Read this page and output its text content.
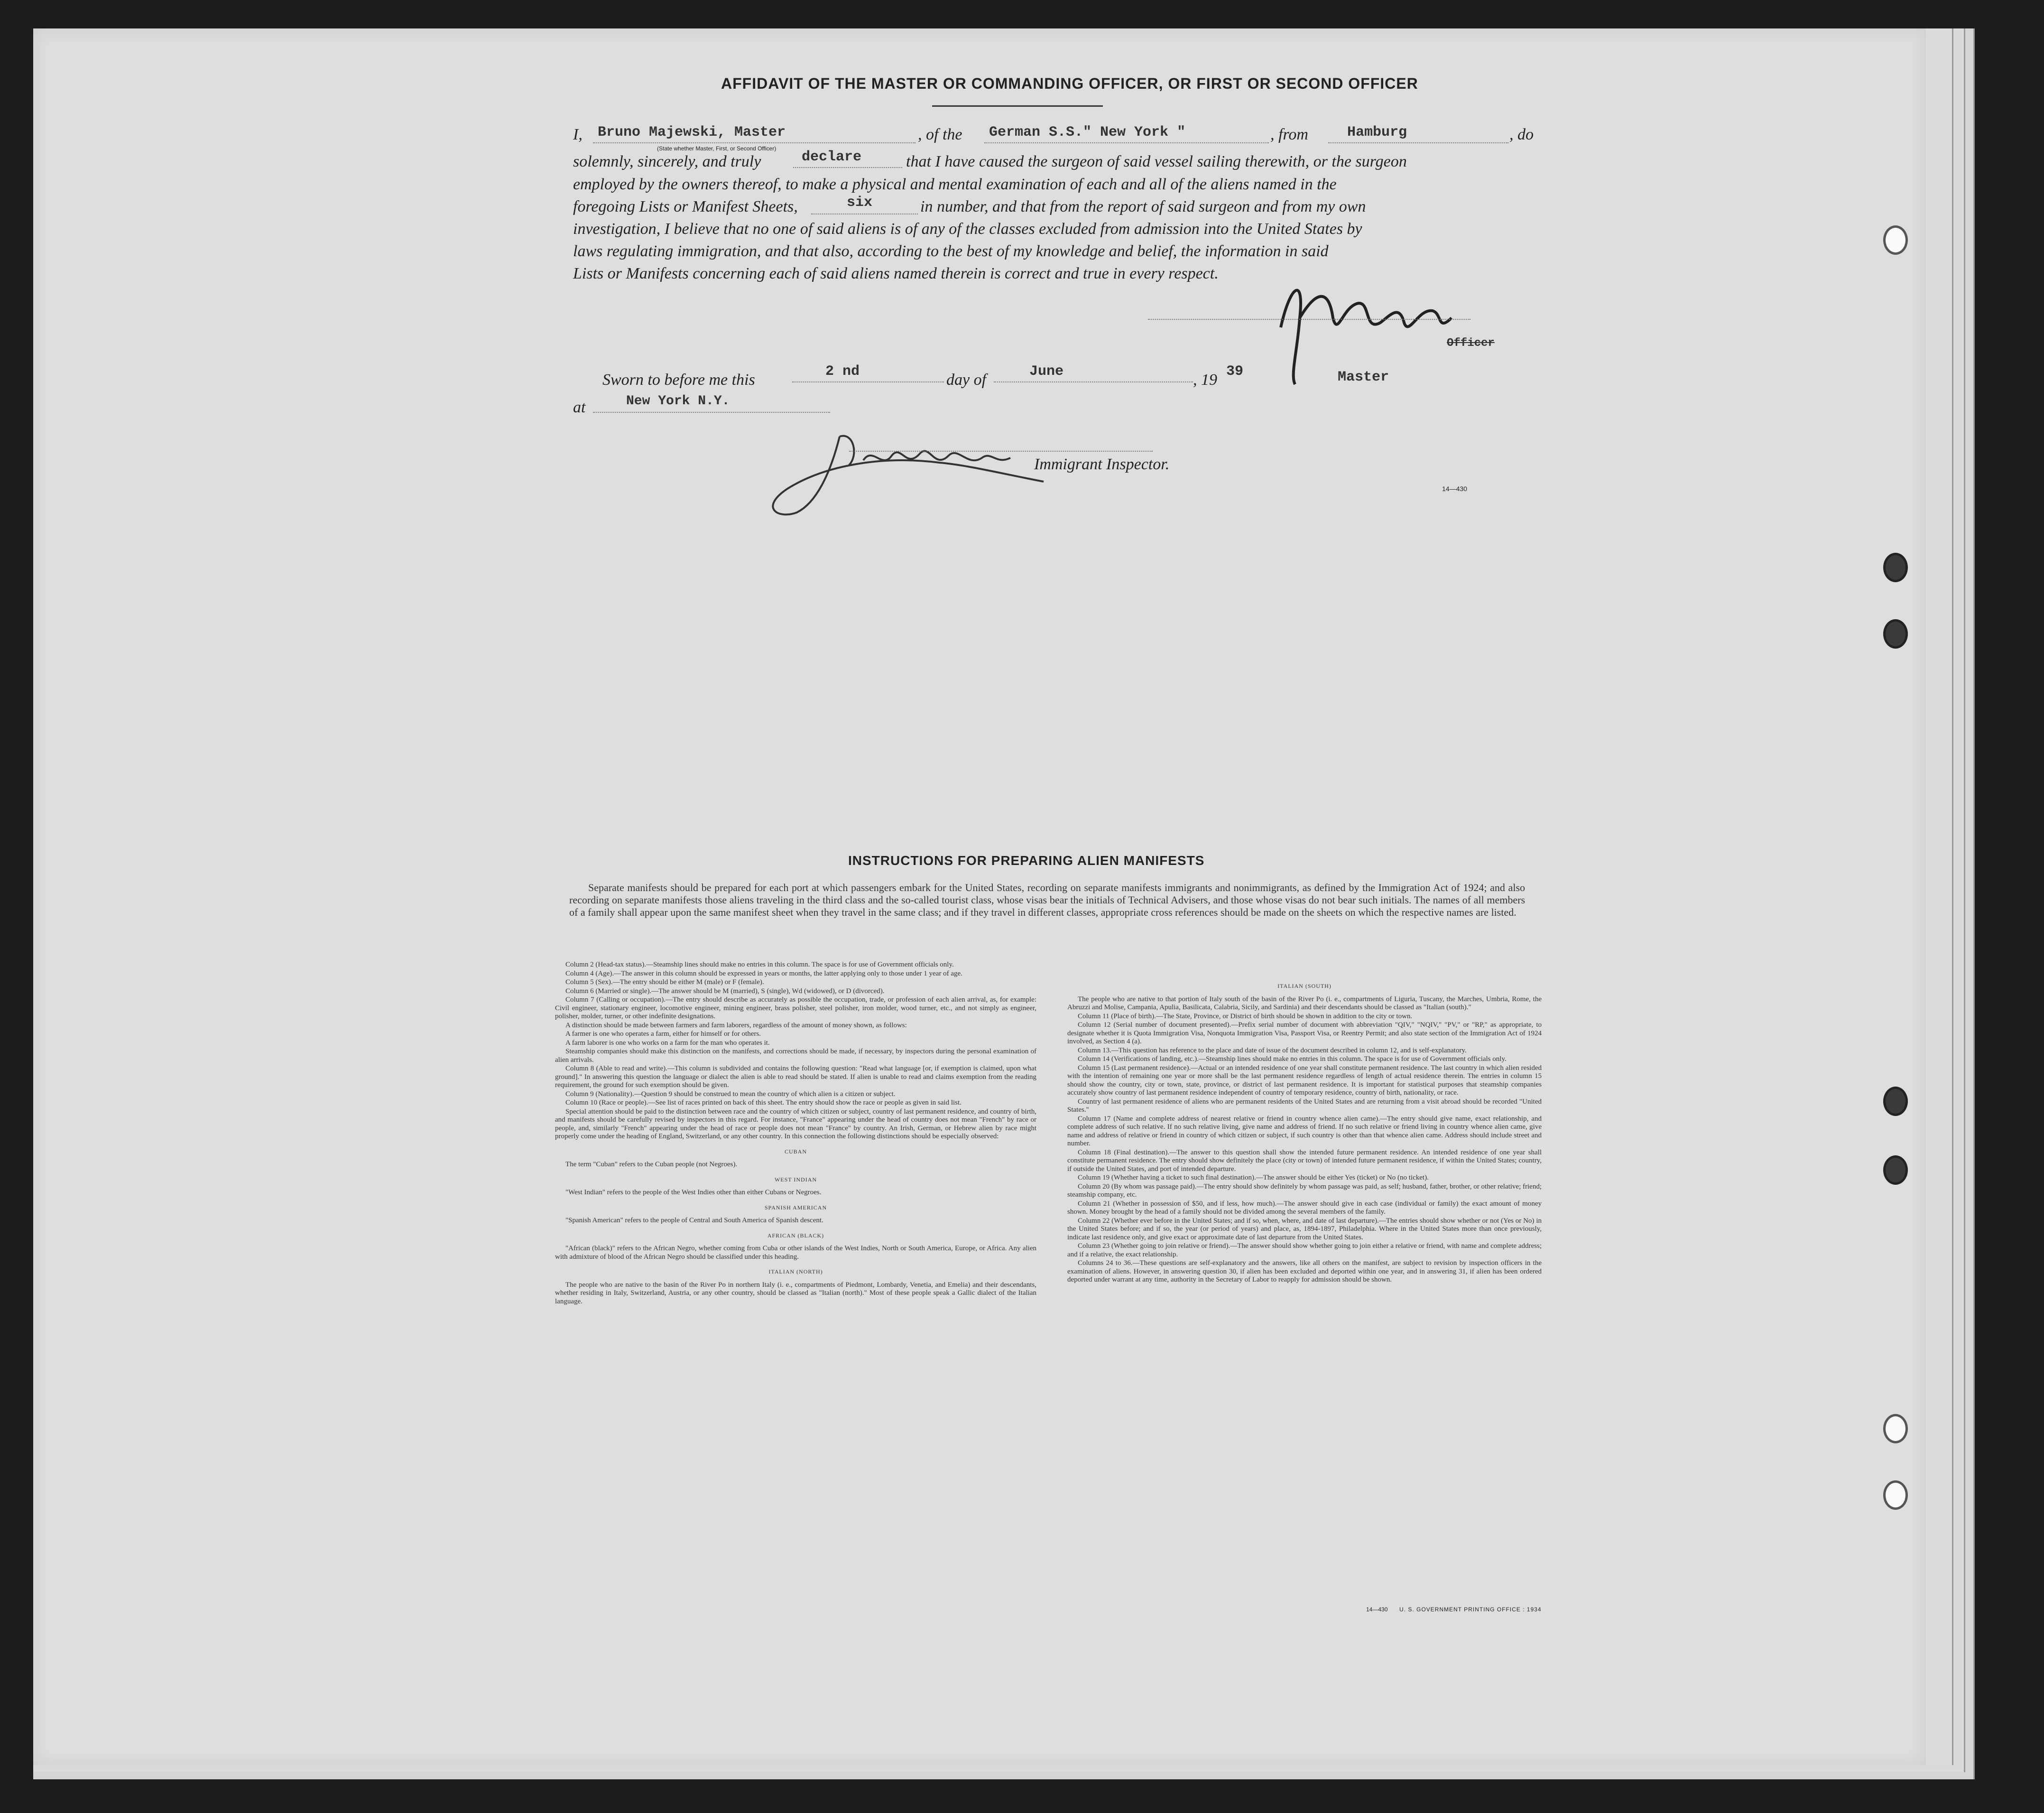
AFFIDAVIT OF THE MASTER OR COMMANDING OFFICER, OR FIRST OR SECOND OFFICER
I, Bruno Majewski, Master
(State whether Master, First, or Second Officer)
, of the German S.S." New York "	, from	Hamburg	, do
solemnly, sincerely, and truly	declare	that I have caused the surgeon of said vessel sailing therewith, or the surgeon
employed by the owners thereof, to make a physical and mental examination of each and all of the aliens named in the
foregoing Lists or Manifest Sheets,	six	in number, and that from the report of said surgeon and from my own
investigation, I believe that no one of said aliens is of any of the classes excluded from admission into the United States by
laws regulating immigration, and that also, according to the best of my knowledge and belief, the information in said
Lists or Manifests concerning each of said aliens named therein is correct and true in every respect.
Officer
Master
Sworn to before me this	2 nd	day of	June	, 19 39
at	New York N.Y.
Immigrant Inspector.
14—430
INSTRUCTIONS FOR PREPARING ALIEN MANIFESTS
Separate manifests should be prepared for each port at which passengers embark for the United States, recording on separate manifests immigrants and nonimmigrants, as defined by the Immigration Act of 1924; and also recording on separate manifests those aliens traveling in the third class and the so-called tourist class, whose visas bear the initials of Technical Advisers, and those whose visas do not bear such initials. The names of all members of a family shall appear upon the same manifest sheet when they travel in the same class; and if they travel in different classes, appropriate cross references should be made on the sheets on which the respective names are listed.

Column 2 (Head-tax status).—Steamship lines should make no entries in this column. The space is for use of Government officials only.

Column 4 (Age).—The answer in this column should be expressed in years or months, the latter applying only to those under 1 year of age.

Column 5 (Sex).—The entry should be either M (male) or F (female).

Column 6 (Married or single).—The answer should be M (married), S (single), Wd (widowed), or D (divorced).

Column 7 (Calling or occupation).—The entry should describe as accurately as possible the occupation, trade, or profession of each alien arrival, as, for example: Civil engineer, stationary engineer, locomotive engineer, mining engineer, brass polisher, steel polisher, iron molder, wood turner, etc., and not simply as engineer, polisher, molder, turner, or other indefinite designations.

A distinction should be made between farmers and farm laborers, regardless of the amount of money shown, as follows:

A farmer is one who operates a farm, either for himself or for others.

A farm laborer is one who works on a farm for the man who operates it.

Steamship companies should make this distinction on the manifests, and corrections should be made, if necessary, by inspectors during the personal examination of alien arrivals.

Column 8 (Able to read and write).—This column is subdivided and contains the following question: "Read what language [or, if exemption is claimed, upon what ground]." In answering this question the language or dialect the alien is able to read should be stated. If alien is unable to read and claims exemption from the reading requirement, the ground for such exemption should be given.

Column 9 (Nationality).—Question 9 should be construed to mean the country of which alien is a citizen or subject.

Column 10 (Race or people).—See list of races printed on back of this sheet. The entry should show the race or people as given in said list.

Special attention should be paid to the distinction between race and the country of which citizen or subject, country of last permanent residence, and country of birth, and manifests should be carefully revised by inspectors in this regard. For instance, "France" appearing under the head of country does not mean "French" by race or people, and, similarly "French" appearing under the head of race or people does not mean "France" by country. An Irish, German, or Hebrew alien by race might properly come under the heading of England, Switzerland, or any other country. In this connection the following distinctions should be especially observed:

CUBAN

The term "Cuban" refers to the Cuban people (not Negroes).

WEST INDIAN

"West Indian" refers to the people of the West Indies other than either Cubans or Negroes.

SPANISH AMERICAN

"Spanish American" refers to the people of Central and South America of Spanish descent.

AFRICAN (BLACK)

"African (black)" refers to the African Negro, whether coming from Cuba or other islands of the West Indies, North or South America, Europe, or Africa. Any alien with admixture of blood of the African Negro should be classified under this heading.

ITALIAN (NORTH)

The people who are native to the basin of the River Po in northern Italy (i. e., compartments of Piedmont, Lombardy, Venetia, and Emelia) and their descendants, whether residing in Italy, Switzerland, Austria, or any other country, should be classed as "Italian (north)." Most of these people speak a Gallic dialect of the Italian language.

ITALIAN (SOUTH)

The people who are native to that portion of Italy south of the basin of the River Po (i. e., compartments of Liguria, Tuscany, the Marches, Umbria, Rome, the Abruzzi and Molise, Campania, Apulia, Basilicata, Calabria, Sicily, and Sardinia) and their descendants should be classed as "Italian (south)."

Column 11 (Place of birth).—The State, Province, or District of birth should be shown in addition to the city or town.

Column 12 (Serial number of document presented).—Prefix serial number of document with abbreviation "QIV," "NQIV," "PV," or "RP," as appropriate, to designate whether it is Quota Immigration Visa, Nonquota Immigration Visa, Passport Visa, or Reentry Permit; and also state section of the Immigration Act of 1924 involved, as Section 4 (a).

Column 13.—This question has reference to the place and date of issue of the document described in column 12, and is self-explanatory.

Column 14 (Verifications of landing, etc.).—Steamship lines should make no entries in this column. The space is for use of Government officials only.

Column 15 (Last permanent residence).—Actual or an intended residence of one year shall constitute permanent residence. The last country in which alien resided with the intention of remaining one year or more shall be the last permanent residence regardless of length of actual residence therein. The entries in column 15 should show the country, city or town, state, province, or district of last permanent residence. It is important for statistical purposes that steamship companies accurately show country of last permanent residence independent of country of temporary residence, country of birth, nationality, or race.

Country of last permanent residence of aliens who are permanent residents of the United States and are returning from a visit abroad should be recorded "United States."

Column 17 (Name and complete address of nearest relative or friend in country whence alien came).—The entry should give name, exact relationship, and complete address of such relative. If no such relative living, give name and address of friend. If no such relative or friend living in country whence alien came, give name and address of relative or friend in country of which citizen or subject, if such country is other than that whence alien came. Address should include street and number.

Column 18 (Final destination).—The answer to this question shall show the intended future permanent residence. An intended residence of one year shall constitute permanent residence. The entry should show definitely the place (city or town) of intended future permanent residence, if within the United States; country, if outside the United States, and port of intended departure.

Column 19 (Whether having a ticket to such final destination).—The answer should be either Yes (ticket) or No (no ticket).

Column 20 (By whom was passage paid).—The entry should show definitely by whom passage was paid, as self; husband, father, brother, or other relative; friend; steamship company, etc.

Column 21 (Whether in possession of $50, and if less, how much).—The answer should give in each case (individual or family) the exact amount of money shown. Money brought by the head of a family should not be divided among the several members of the family.

Column 22 (Whether ever before in the United States; and if so, when, where, and date of last departure).—The entries should show whether or not (Yes or No) in the United States before; and if so, the year (or period of years) and place, as, 1894-1897, Philadelphia. Where in the United States more than once previously, indicate last residence only, and give exact or approximate date of last departure from the United States.

Column 23 (Whether going to join relative or friend).—The answer should show whether going to join either a relative or friend, with name and complete address; and if a relative, the exact relationship.

Columns 24 to 36.—These questions are self-explanatory and the answers, like all others on the manifest, are subject to revision by inspection officers in the examination of aliens. However, in answering question 30, if alien has been excluded and deported within one year, and in answering 31, if alien has been ordered deported under warrant at any time, authority in the Secretary of Labor to reapply for admission should be shown.

14—430 U. S. GOVERNMENT PRINTING OFFICE : 1934
